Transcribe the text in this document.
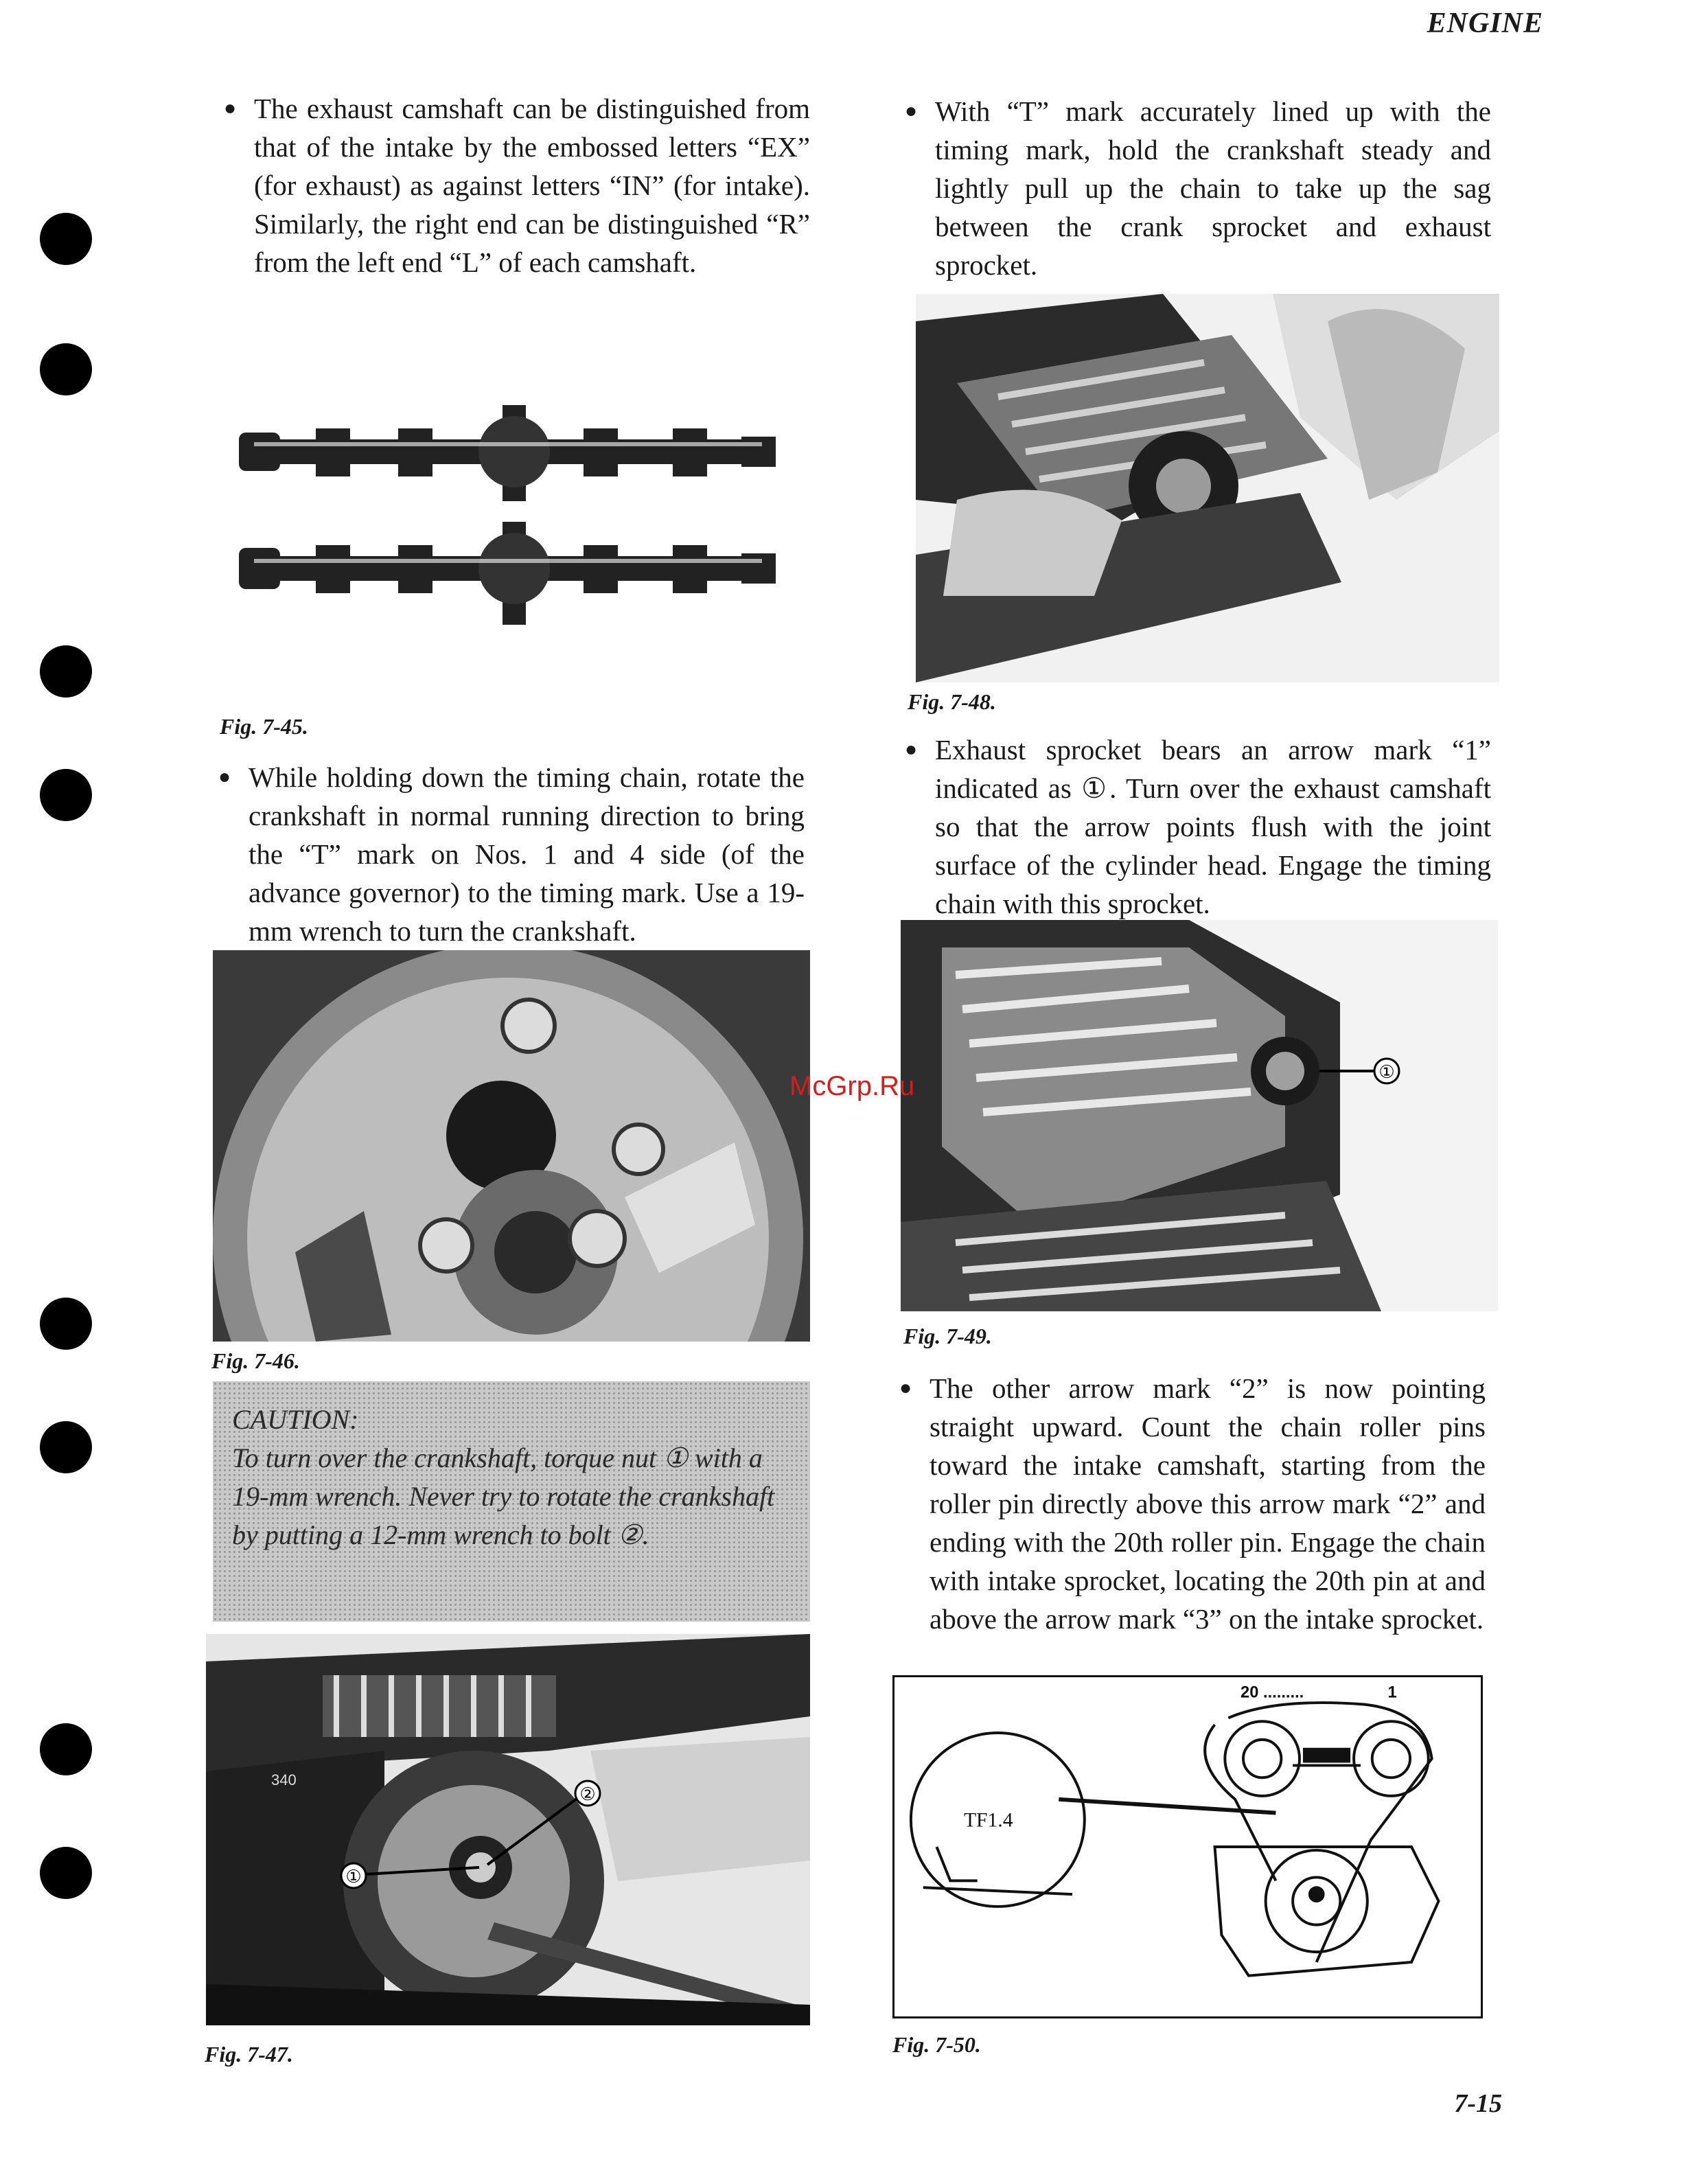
ENGINE
● The exhaust camshaft can be distinguished from that of the intake by the embossed letters “EX” (for exhaust) as against letters “IN” (for intake). Similarly, the right end can be distinguished “R” from the left end “L” of each camshaft.
Fig. 7-45.
● While holding down the timing chain, rotate the crankshaft in normal running direction to bring the “T” mark on Nos. 1 and 4 side (of the advance governor) to the timing mark. Use a 19-mm wrench to turn the crankshaft.
Fig. 7-46.
CAUTION:
To turn over the crankshaft, torque nut ① with a 19-mm wrench. Never try to rotate the crankshaft by putting a 12-mm wrench to bolt ②.
①
②
340
Fig. 7-47.
● With “T” mark accurately lined up with the timing mark, hold the crankshaft steady and lightly pull up the chain to take up the sag between the crank sprocket and exhaust sprocket.
Fig. 7-48.
● Exhaust sprocket bears an arrow mark “1” indicated as ①. Turn over the exhaust camshaft so that the arrow points flush with the joint surface of the cylinder head. Engage the timing chain with this sprocket.
①
Fig. 7-49.
● The other arrow mark “2” is now pointing straight upward. Count the chain roller pins toward the intake camshaft, starting from the roller pin directly above this arrow mark “2” and ending with the 20th roller pin. Engage the chain with intake sprocket, locating the 20th pin at and above the arrow mark “3” on the intake sprocket.
20 .........	1
TF1.4
Fig. 7-50.
7-15
McGrp.Ru
